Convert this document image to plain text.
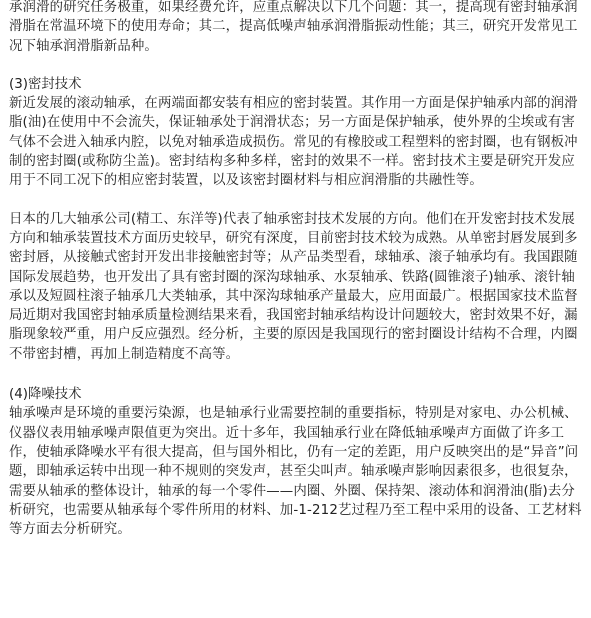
承润滑的研究任务极重，如果经费允许，应重点解决以下几个问题：其一，提高现有密封轴承润滑脂在常温环境下的使用寿命；其二，提高低噪声轴承润滑脂振动性能；其三，研究开发常见工况下轴承润滑脂新品种。

(3)密封技术

新近发展的滚动轴承，在两端面都安装有相应的密封装置。其作用一方面是保护轴承内部的润滑脂(油)在使用中不会流失，保证轴承处于润滑状态；另一方面是保护轴承，使外界的尘埃或有害气体不会进入轴承内腔，以免对轴承造成损伤。常见的有橡胶或工程塑料的密封圈，也有钢板冲制的密封圈(或称防尘盖)。密封结构多种多样，密封的效果不一样。密封技术主要是研究开发应用于不同工况下的相应密封装置，以及该密封圈材料与相应润滑脂的共融性等。

日本的几大轴承公司(精工、东洋等)代表了轴承密封技术发展的方向。他们在开发密封技术发展方向和轴承装置技术方面历史较早，研究有深度，目前密封技术较为成熟。从单密封唇发展到多密封唇，从接触式密封开发出非接触密封等；从产品类型看，球轴承、滚子轴承均有。我国跟随国际发展趋势，也开发出了具有密封圈的深沟球轴承、水泵轴承、铁路(圆锥滚子)轴承、滚针轴承以及短圆柱滚子轴承几大类轴承，其中深沟球轴承产量最大，应用面最广。根据国家技术监督局近期对我国密封轴承质量检测结果来看，我国密封轴承结构设计问题较大，密封效果不好，漏脂现象较严重，用户反应强烈。经分析，主要的原因是我国现行的密封圈设计结构不合理，内圈不带密封槽，再加上制造精度不高等。

(4)降噪技术

轴承噪声是环境的重要污染源，也是轴承行业需要控制的重要指标，特别是对家电、办公机械、仪器仪表用轴承噪声限值更为突出。近十多年，我国轴承行业在降低轴承噪声方面做了许多工作，使轴承降噪水平有很大提高，但与国外相比，仍有一定的差距，用户反映突出的是“异音”问题，即轴承运转中出现一种不规则的突发声，甚至尖叫声。轴承噪声影响因素很多，也很复杂，需要从轴承的整体设计，轴承的每一个零件——内圈、外圈、保持架、滚动体和润滑油(脂)去分析研究，也需要从轴承每个零件所用的材料、加-1-212艺过程乃至工程中采用的设备、工艺材料等方面去分析研究。
